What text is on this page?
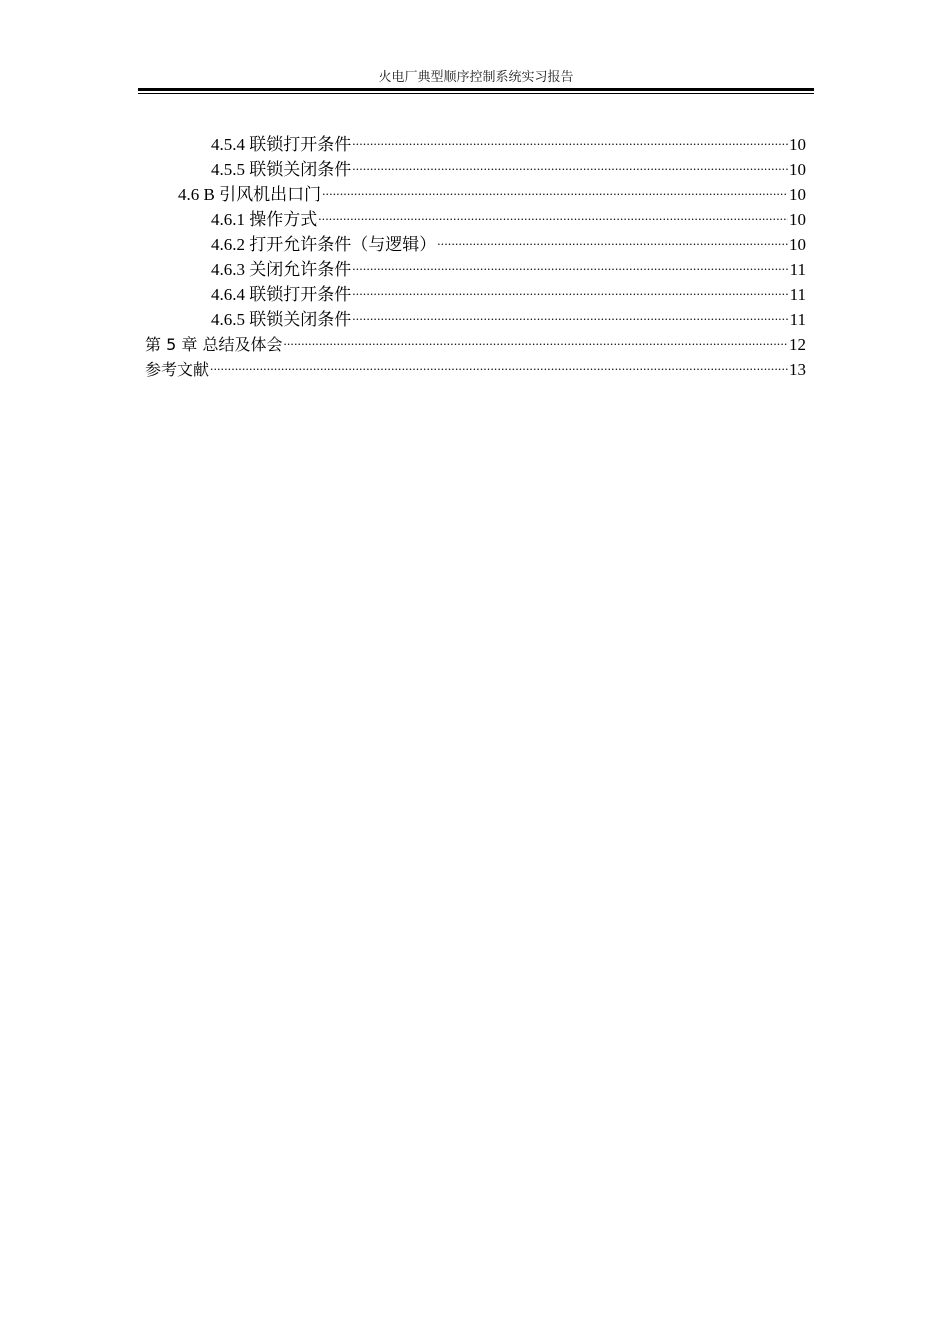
火电厂典型顺序控制系统实习报告
4.5.4 联锁打开条件 .....	10
4.5.5 联锁关闭条件 .....	10
4.6 B 引风机出口门 .....	10
4.6.1 操作方式 .....	10
4.6.2 打开允许条件（与逻辑） .....	10
4.6.3 关闭允许条件 .....	11
4.6.4 联锁打开条件 .....	11
4.6.5 联锁关闭条件 .....	11
第 5 章 总结及体会 .....	12
参考文献 .....	13
